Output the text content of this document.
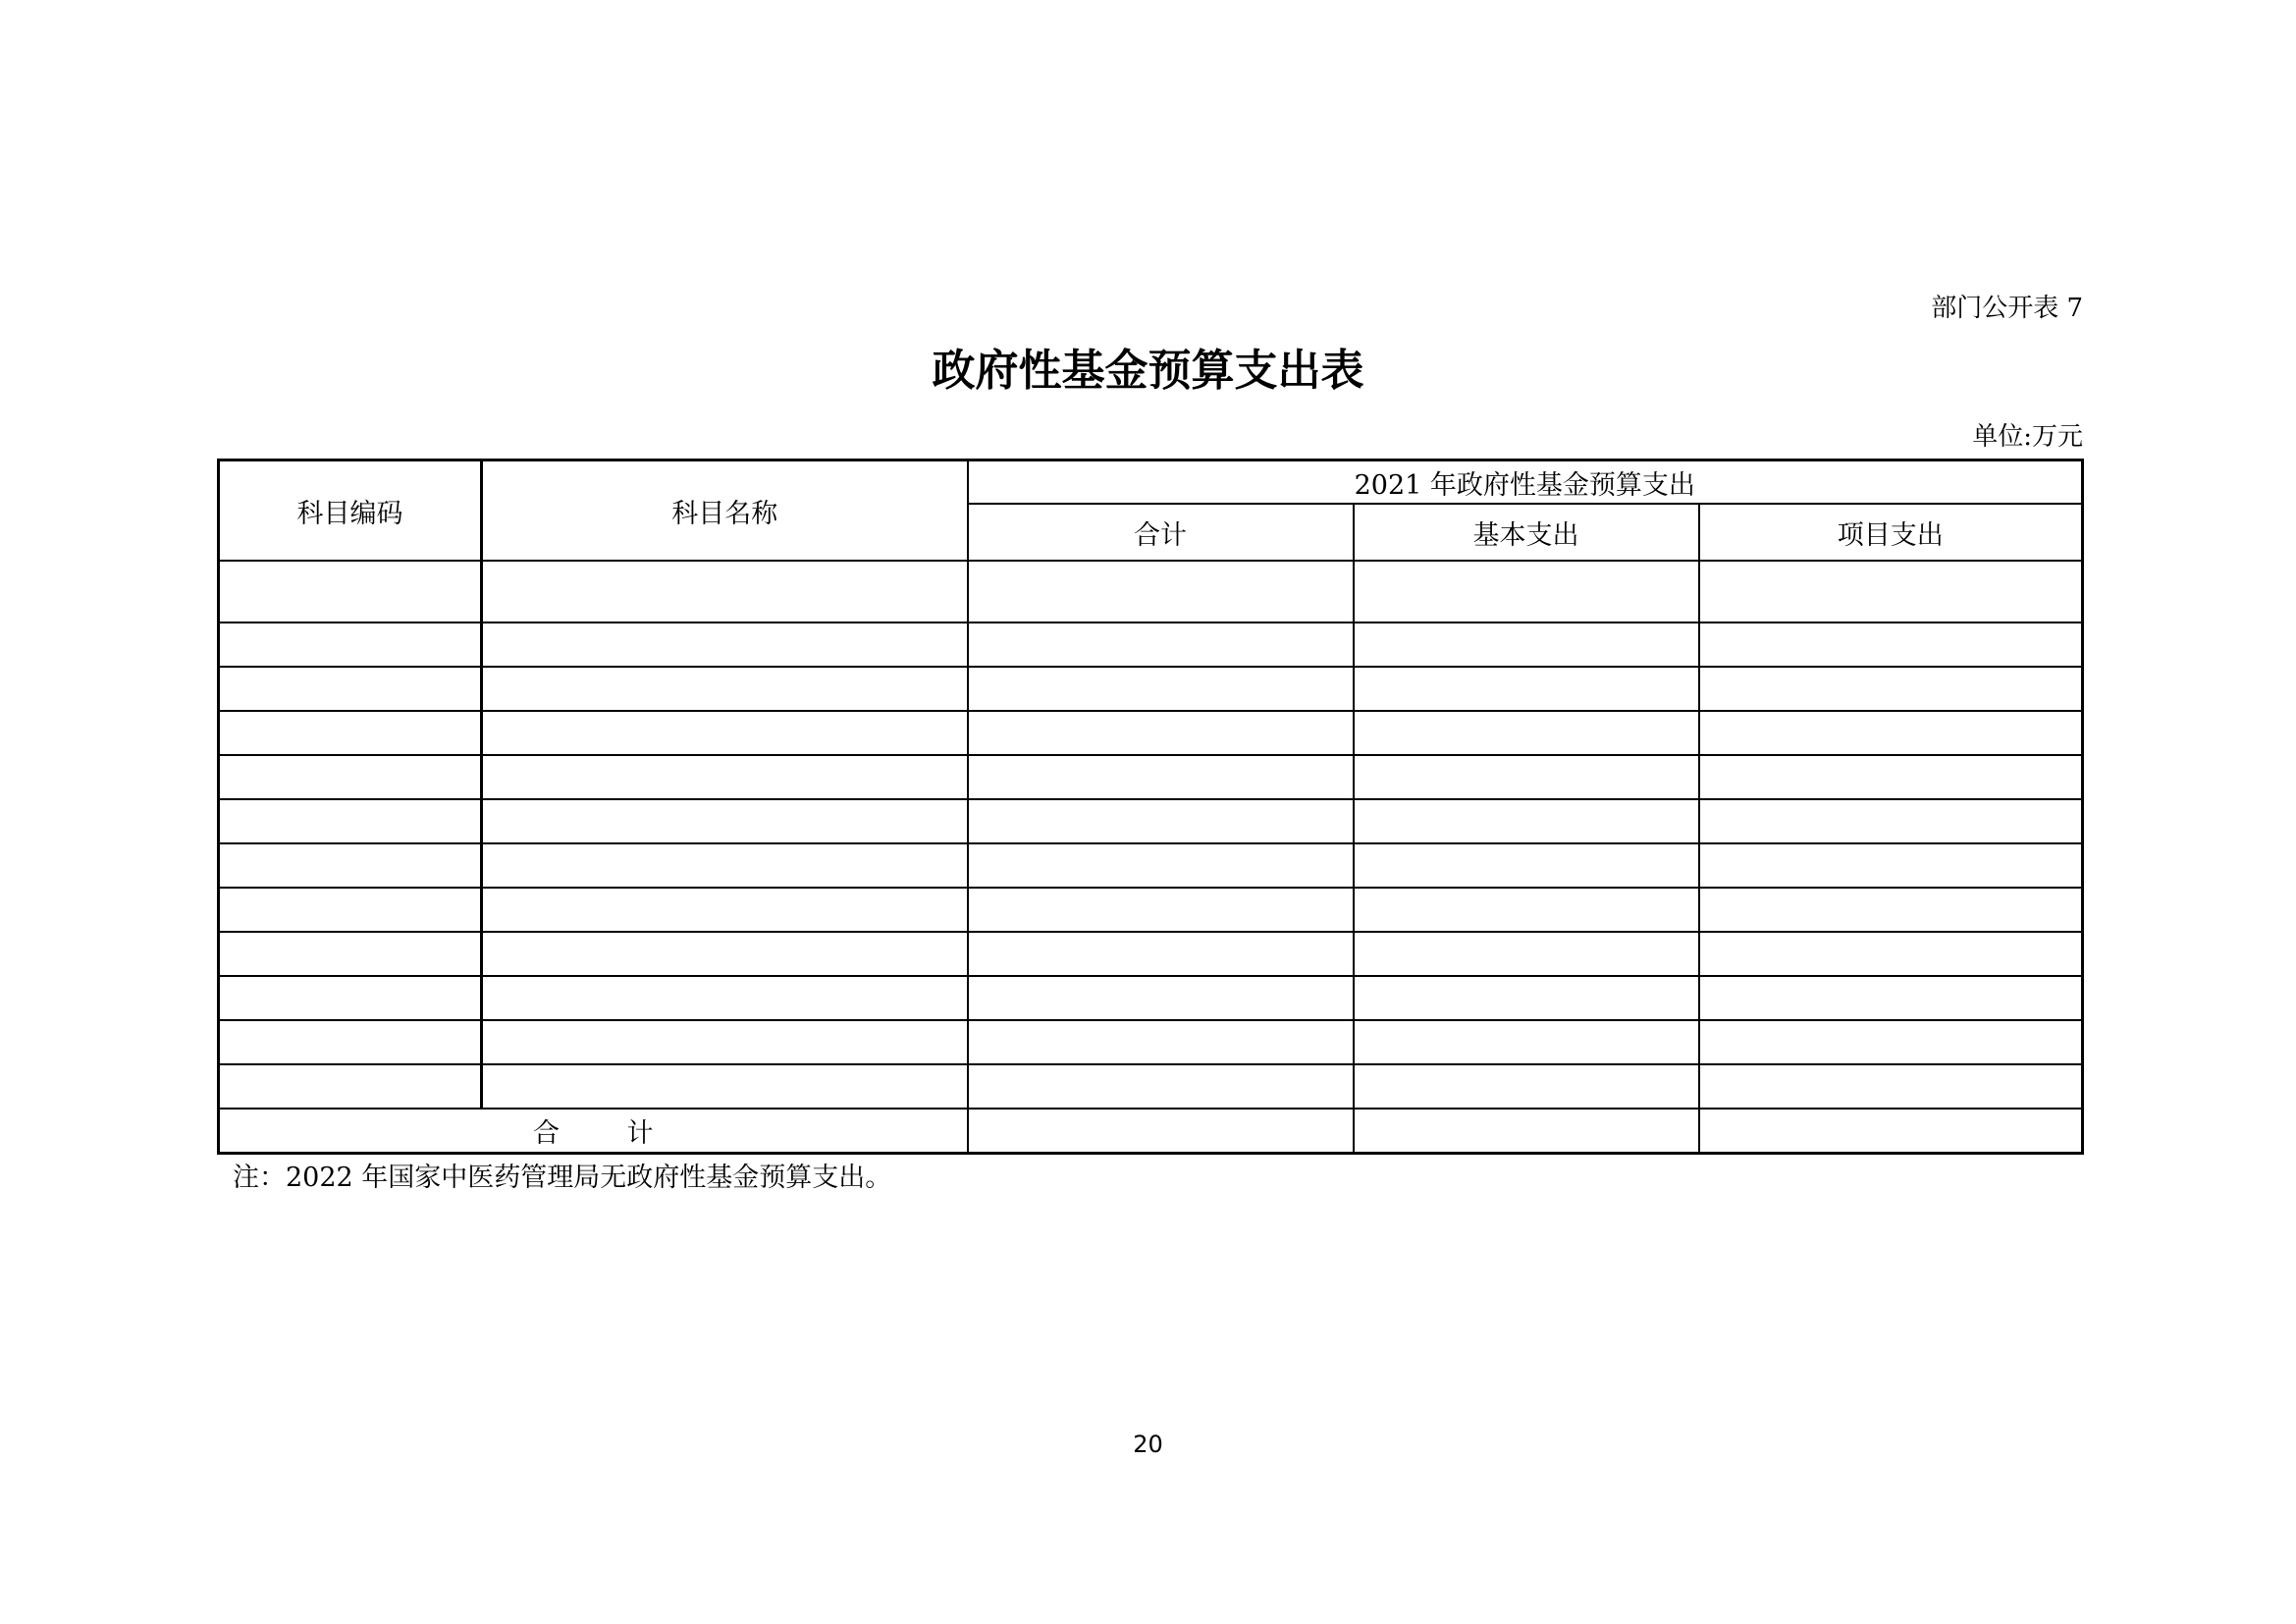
部门公开表 7
政府性基金预算支出表
单位:万元
科目编码	科目名称	2021 年政府性基金预算支出		
		合计	基本支出	项目支出

合 计				
注：2022 年国家中医药管理局无政府性基金预算支出。
20
